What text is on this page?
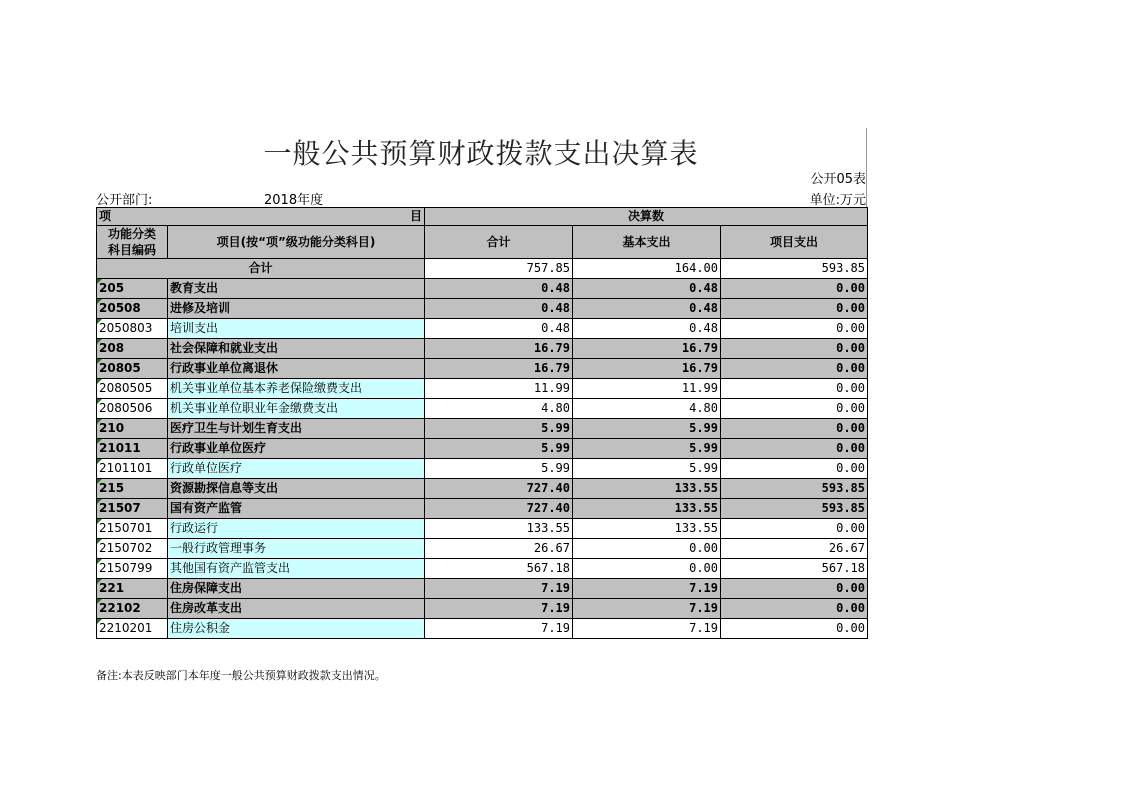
一般公共预算财政拨款支出决算表
公开05表
公开部门:	2018年度	单位:万元
项 目		决算数		
功能分类
科目编码	项目(按“项”级功能分类科目)	合计	基本支出	项目支出
合计		757.85	164.00	593.85
205	教育支出	0.48	0.48	0.00
20508	进修及培训	0.48	0.48	0.00
2050803	培训支出	0.48	0.48	0.00
208	社会保障和就业支出	16.79	16.79	0.00
20805	行政事业单位离退休	16.79	16.79	0.00
2080505	机关事业单位基本养老保险缴费支出	11.99	11.99	0.00
2080506	机关事业单位职业年金缴费支出	4.80	4.80	0.00
210	医疗卫生与计划生育支出	5.99	5.99	0.00
21011	行政事业单位医疗	5.99	5.99	0.00
2101101	行政单位医疗	5.99	5.99	0.00
215	资源勘探信息等支出	727.40	133.55	593.85
21507	国有资产监管	727.40	133.55	593.85
2150701	行政运行	133.55	133.55	0.00
2150702	一般行政管理事务	26.67	0.00	26.67
2150799	其他国有资产监管支出	567.18	0.00	567.18
221	住房保障支出	7.19	7.19	0.00
22102	住房改革支出	7.19	7.19	0.00
2210201	住房公积金	7.19	7.19	0.00
备注:本表反映部门本年度一般公共预算财政拨款支出情况。
